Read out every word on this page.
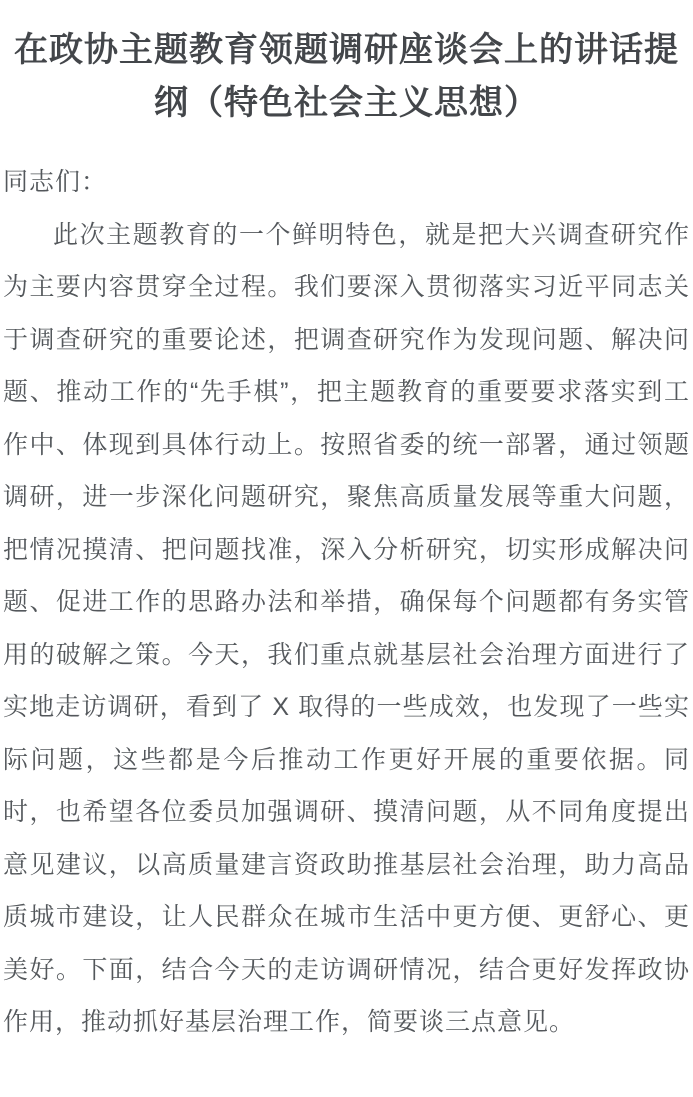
在政协主题教育领题调研座谈会上的讲话提纲（特色社会主义思想）

同志们：

此次主题教育的一个鲜明特色，就是把大兴调查研究作为主要内容贯穿全过程。我们要深入贯彻落实习近平同志关于调查研究的重要论述，把调查研究作为发现问题、解决问题、推动工作的“先手棋”，把主题教育的重要要求落实到工作中、体现到具体行动上。按照省委的统一部署，通过领题调研，进一步深化问题研究，聚焦高质量发展等重大问题，把情况摸清、把问题找准，深入分析研究，切实形成解决问题、促进工作的思路办法和举措，确保每个问题都有务实管用的破解之策。今天，我们重点就基层社会治理方面进行了实地走访调研，看到了 X 取得的一些成效，也发现了一些实际问题，这些都是今后推动工作更好开展的重要依据。同时，也希望各位委员加强调研、摸清问题，从不同角度提出意见建议，以高质量建言资政助推基层社会治理，助力高品质城市建设，让人民群众在城市生活中更方便、更舒心、更美好。下面，结合今天的走访调研情况，结合更好发挥政协作用，推动抓好基层治理工作，简要谈三点意见。
